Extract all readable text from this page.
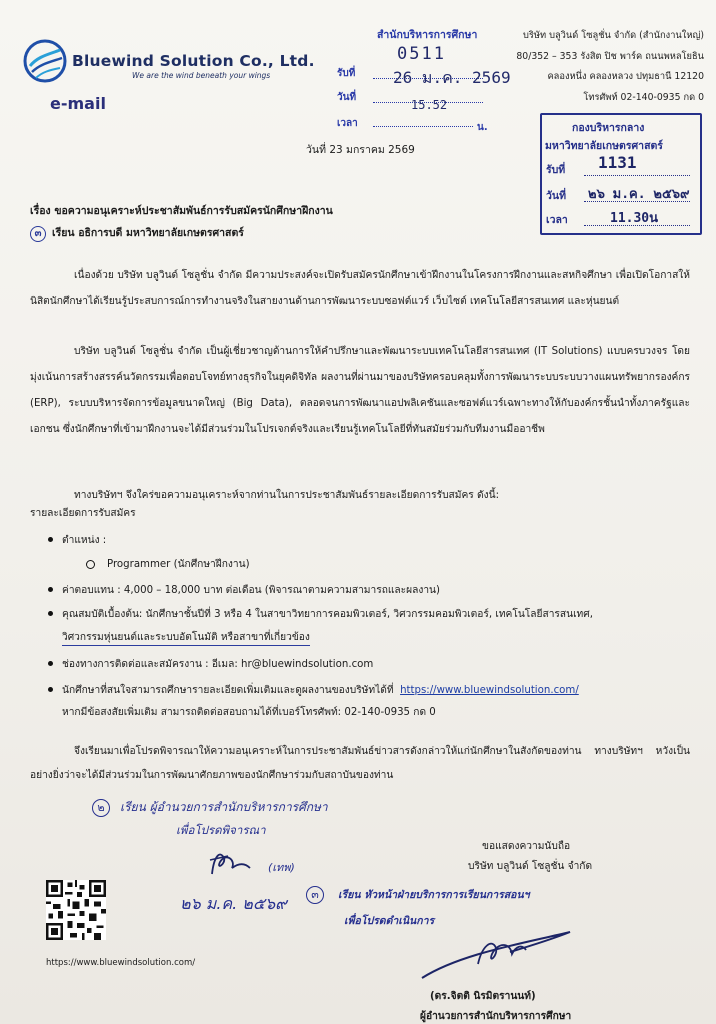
Bluewind Solution Co., Ltd.
We are the wind beneath your wings
e-mail
สำนักบริหารการศึกษา
รับที่
0511
วันที่
26 ม.ค. 2569
เวลา
15.52
น.
บริษัท บลูวินด์ โซลูชั่น จำกัด (สำนักงานใหญ่)
80/352 – 353 รังสิต ปิช พาร์ค ถนนพหลโยธิน
คลองหนึ่ง คลองหลวง ปทุมธานี 12120
โทรศัพท์ 02-140-0935 กด 0
กองบริหารกลาง
มหาวิทยาลัยเกษตรศาสตร์
รับที่ 1131
วันที่ ๒๖ ม.ค. ๒๕๖๙
เวลา	11.30น
วันที่ 23 มกราคม 2569
เรื่อง ขอความอนุเคราะห์ประชาสัมพันธ์การรับสมัครนักศึกษาฝึกงาน
๓ เรียน อธิการบดี มหาวิทยาลัยเกษตรศาสตร์
เนื่องด้วย บริษัท บลูวินด์ โซลูชั่น จำกัด มีความประสงค์จะเปิดรับสมัครนักศึกษาเข้าฝึกงานในโครงการฝึกงานและสหกิจศึกษา เพื่อเปิดโอกาสให้นิสิตนักศึกษาได้เรียนรู้ประสบการณ์การทำงานจริงในสายงานด้านการพัฒนาระบบซอฟต์แวร์ เว็บไซต์ เทคโนโลยีสารสนเทศ และหุ่นยนต์
บริษัท บลูวินด์ โซลูชั่น จำกัด เป็นผู้เชี่ยวชาญด้านการให้คำปรึกษาและพัฒนาระบบเทคโนโลยีสารสนเทศ (IT Solutions) แบบครบวงจร โดยมุ่งเน้นการสร้างสรรค์นวัตกรรมเพื่อตอบโจทย์ทางธุรกิจในยุคดิจิทัล ผลงานที่ผ่านมาของบริษัทครอบคลุมทั้งการพัฒนาระบบระบบวางแผนทรัพยากรองค์กร (ERP), ระบบบริหารจัดการข้อมูลขนาดใหญ่ (Big Data), ตลอดจนการพัฒนาแอปพลิเคชันและซอฟต์แวร์เฉพาะทางให้กับองค์กรชั้นนำทั้งภาครัฐและเอกชน ซึ่งนักศึกษาที่เข้ามาฝึกงานจะได้มีส่วนร่วมในโปรเจกต์จริงและเรียนรู้เทคโนโลยีที่ทันสมัยร่วมกับทีมงานมืออาชีพ
ทางบริษัทฯ จึงใคร่ขอความอนุเคราะห์จากท่านในการประชาสัมพันธ์รายละเอียดการรับสมัคร ดังนี้:
รายละเอียดการรับสมัคร
ตำแหน่ง :
Programmer (นักศึกษาฝึกงาน)
ค่าตอบแทน : 4,000 – 18,000 บาท ต่อเดือน (พิจารณาตามความสามารถและผลงาน)
คุณสมบัติเบื้องต้น: นักศึกษาชั้นปีที่ 3 หรือ 4 ในสาขาวิทยาการคอมพิวเตอร์, วิศวกรรมคอมพิวเตอร์, เทคโนโลยีสารสนเทศ,
วิศวกรรมหุ่นยนต์และระบบอัตโนมัติ หรือสาขาที่เกี่ยวข้อง
ช่องทางการติดต่อและสมัครงาน : อีเมล: hr@bluewindsolution.com
นักศึกษาที่สนใจสามารถศึกษารายละเอียดเพิ่มเติมและดูผลงานของบริษัทได้ที่ https://www.bluewindsolution.com/
หากมีข้อสงสัยเพิ่มเติม สามารถติดต่อสอบถามได้ที่เบอร์โทรศัพท์: 02-140-0935 กด 0
จึงเรียนมาเพื่อโปรดพิจารณาให้ความอนุเคราะห์ในการประชาสัมพันธ์ข่าวสารดังกล่าวให้แก่นักศึกษาในสังกัดของท่าน ทางบริษัทฯ หวังเป็นอย่างยิ่งว่าจะได้มีส่วนร่วมในการพัฒนาศักยภาพของนักศึกษาร่วมกับสถาบันของท่าน
๒ เรียน ผู้อำนวยการสำนักบริหารการศึกษา
เพื่อโปรดพิจารณา
ขอแสดงความนับถือ
บริษัท บลูวินด์ โซลูชั่น จำกัด
(เทพ)
๒๖ ม.ค. ๒๕๖๙	๓ เรียน หัวหน้าฝ่ายบริการการเรียนการสอนฯ
เพื่อโปรดดำเนินการ
https://www.bluewindsolution.com/
(ดร.จิตติ นิรมิตรานนท์)
ผู้อำนวยการสำนักบริหารการศึกษา
